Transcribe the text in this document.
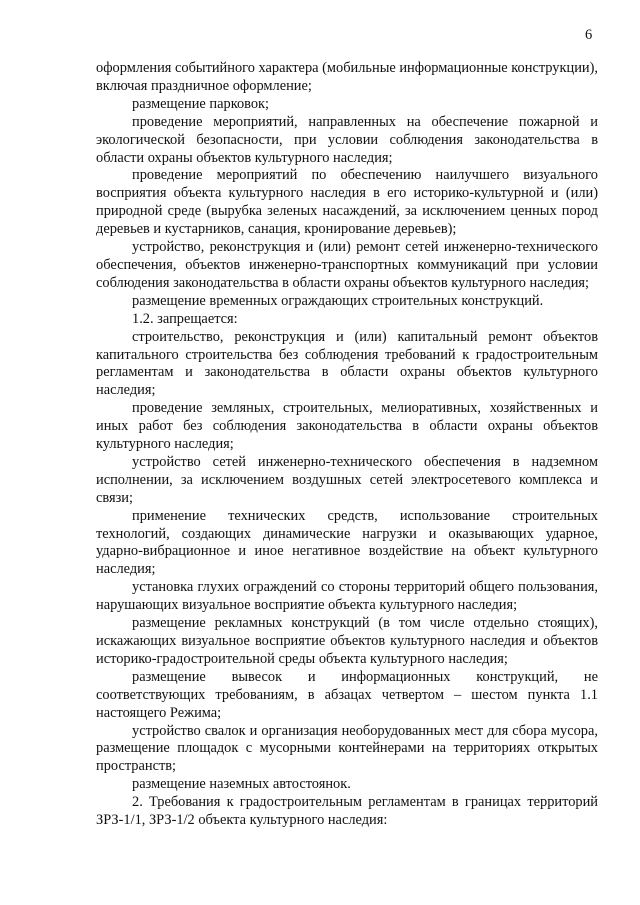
6

оформления событийного характера (мобильные информационные конструкции), включая праздничное оформление;

размещение парковок;

проведение мероприятий, направленных на обеспечение пожарной и экологической безопасности, при условии соблюдения законодательства в области охраны объектов культурного наследия;

проведение мероприятий по обеспечению наилучшего визуального восприятия объекта культурного наследия в его историко-культурной и (или) природной среде (вырубка зеленых насаждений, за исключением ценных пород деревьев и кустарников, санация, кронирование деревьев);

устройство, реконструкция и (или) ремонт сетей инженерно-технического обеспечения, объектов инженерно-транспортных коммуникаций при условии соблюдения законодательства в области охраны объектов культурного наследия;

размещение временных ограждающих строительных конструкций.

1.2. запрещается:

строительство, реконструкция и (или) капитальный ремонт объектов капитального строительства без соблюдения требований к градостроительным регламентам и законодательства в области охраны объектов культурного наследия;

проведение земляных, строительных, мелиоративных, хозяйственных и иных работ без соблюдения законодательства в области охраны объектов культурного наследия;

устройство сетей инженерно-технического обеспечения в надземном исполнении, за исключением воздушных сетей электросетевого комплекса и связи;

применение технических средств, использование строительных технологий, создающих динамические нагрузки и оказывающих ударное, ударно-вибрационное и иное негативное воздействие на объект культурного наследия;

установка глухих ограждений со стороны территорий общего пользования, нарушающих визуальное восприятие объекта культурного наследия;

размещение рекламных конструкций (в том числе отдельно стоящих), искажающих визуальное восприятие объектов культурного наследия и объектов историко-градостроительной среды объекта культурного наследия;

размещение вывесок и информационных конструкций, не соответствующих требованиям, в абзацах четвертом – шестом пункта 1.1 настоящего Режима;

устройство свалок и организация необорудованных мест для сбора мусора, размещение площадок с мусорными контейнерами на территориях открытых пространств;

размещение наземных автостоянок.

2. Требования к градостроительным регламентам в границах территорий ЗРЗ-1/1, ЗРЗ-1/2 объекта культурного наследия:
